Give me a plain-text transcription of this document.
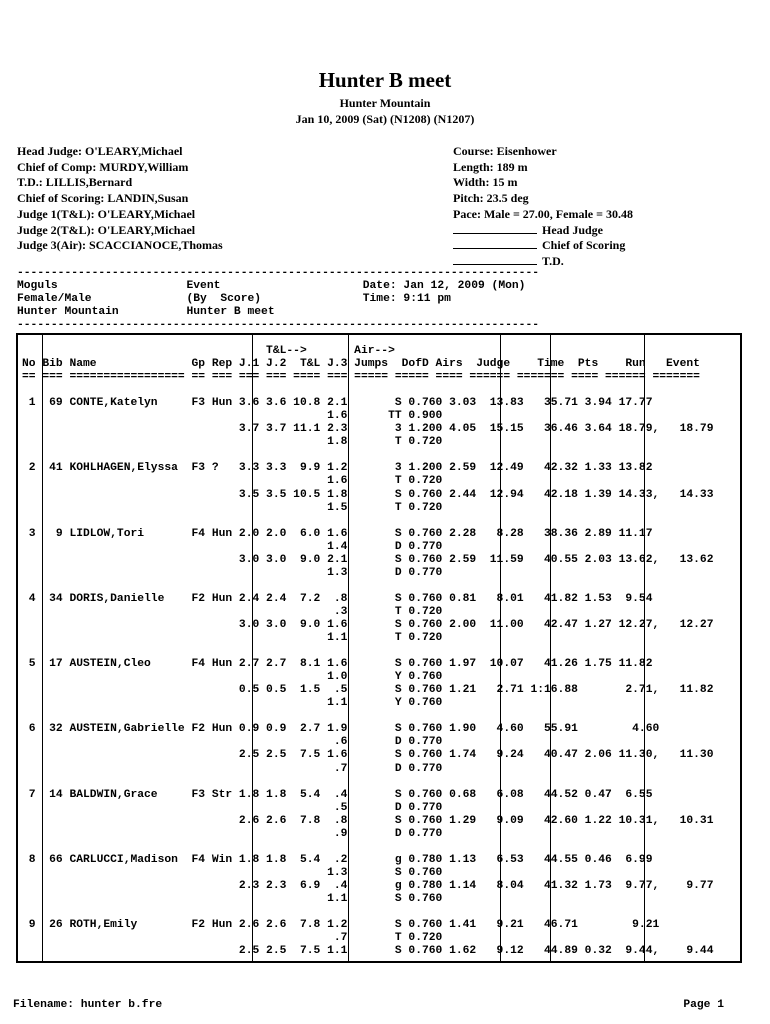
Hunter B meet
Hunter Mountain
Jan 10, 2009 (Sat) (N1208) (N1207)
Head Judge: O'LEARY,Michael
Chief of Comp: MURDY,William
T.D.: LILLIS,Bernard
Chief of Scoring: LANDIN,Susan
Judge 1(T&L): O'LEARY,Michael
Judge 2(T&L): O'LEARY,Michael
Judge 3(Air): SCACCIANOCE,Thomas
Course: Eisenhower
Length: 189 m
Width: 15 m
Pitch: 23.5 deg
Pace: Male = 27.00, Female = 30.48
Head Judge
Chief of Scoring
T.D.
-----------------------------------------------------------------------------
Moguls                   Event                     Date: Jan 12, 2009 (Mon)
Female/Male              (By  Score)               Time: 9:11 pm
Hunter Mountain          Hunter B meet
-----------------------------------------------------------------------------
T&L-->       Air-->
No Bib Name              Gp Rep J.1 J.2  T&L J.3 Jumps  DofD Airs  Judge    Time  Pts    Run   Event
== === ================= == === === === ==== === ===== ===== ==== ====== ======= ==== ====== =======

1  69 CONTE,Katelyn     F3 Hun 3.6 3.6 10.8 2.1       S 0.760 3.03  13.83   35.71 3.94 17.77
1.6      TT 0.900
3.7 3.7 11.1 2.3       3 1.200 4.05  15.15   36.46 3.64 18.79,   18.79
1.8       T 0.720

2  41 KOHLHAGEN,Elyssa  F3 ?   3.3 3.3  9.9 1.2       3 1.200 2.59  12.49   42.32 1.33 13.82
1.6       T 0.720
3.5 3.5 10.5 1.8       S 0.760 2.44  12.94   42.18 1.39 14.33,   14.33
1.5       T 0.720

3   9 LIDLOW,Tori       F4 Hun 2.0 2.0  6.0 1.6       S 0.760 2.28   8.28   38.36 2.89 11.17
1.4       D 0.770
3.0 3.0  9.0 2.1       S 0.760 2.59  11.59   40.55 2.03 13.62,   13.62
1.3       D 0.770

4  34 DORIS,Danielle    F2 Hun 2.4 2.4  7.2  .8       S 0.760 0.81   8.01   41.82 1.53  9.54
.3       T 0.720
3.0 3.0  9.0 1.6       S 0.760 2.00  11.00   42.47 1.27 12.27,   12.27
1.1       T 0.720

5  17 AUSTEIN,Cleo      F4 Hun 2.7 2.7  8.1 1.6       S 0.760 1.97  10.07   41.26 1.75 11.82
1.0       Y 0.760
0.5 0.5  1.5  .5       S 0.760 1.21   2.71 1:16.88       2.71,   11.82
1.1       Y 0.760

6  32 AUSTEIN,Gabrielle F2 Hun 0.9 0.9  2.7 1.9       S 0.760 1.90   4.60   55.91        4.60
.6       D 0.770
2.5 2.5  7.5 1.6       S 0.760 1.74   9.24   40.47 2.06 11.30,   11.30
.7       D 0.770

7  14 BALDWIN,Grace     F3 Str 1.8 1.8  5.4  .4       S 0.760 0.68   6.08   44.52 0.47  6.55
.5       D 0.770
2.6 2.6  7.8  .8       S 0.760 1.29   9.09   42.60 1.22 10.31,   10.31
.9       D 0.770

8  66 CARLUCCI,Madison  F4 Win 1.8 1.8  5.4  .2       g 0.780 1.13   6.53   44.55 0.46  6.99
1.3       S 0.760
2.3 2.3  6.9  .4       g 0.780 1.14   8.04   41.32 1.73  9.77,    9.77
1.1       S 0.760

9  26 ROTH,Emily        F2 Hun 2.6 2.6  7.8 1.2       S 0.760 1.41   9.21   46.71        9.21
.7       T 0.720
2.5 2.5  7.5 1.1       S 0.760 1.62   9.12   44.89 0.32  9.44,    9.44
Filename: hunter b.fre	Page 1
